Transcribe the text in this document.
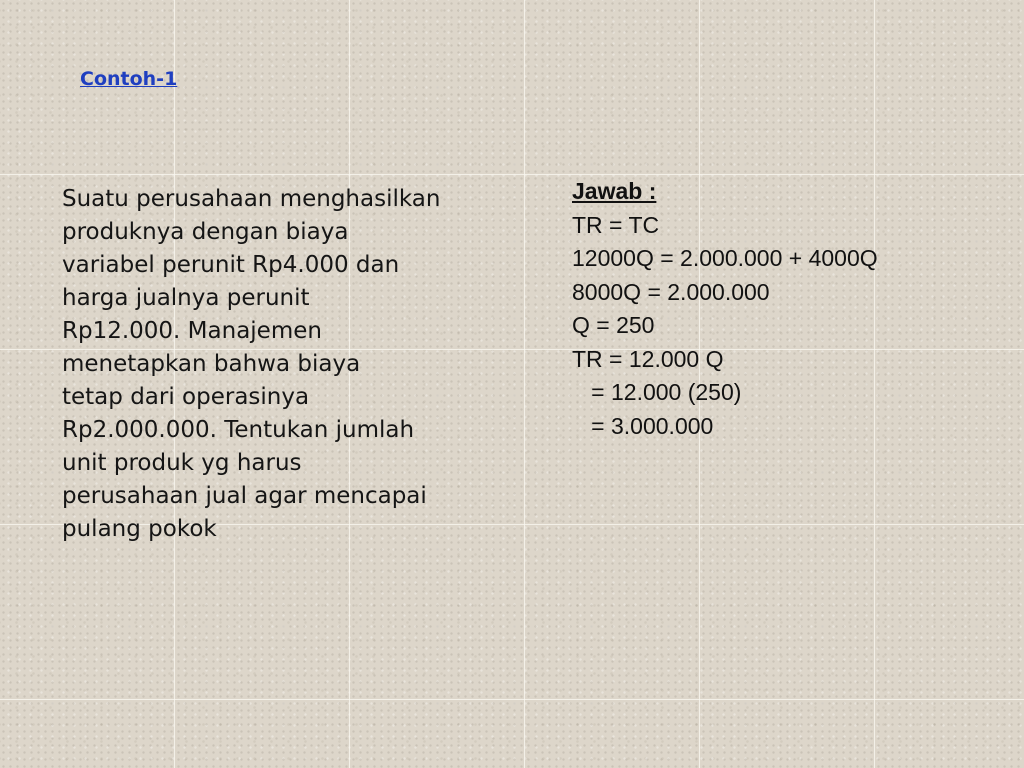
Contoh-1
Suatu perusahaan menghasilkan
produknya dengan biaya
variabel perunit Rp4.000 dan
harga jualnya perunit
Rp12.000. Manajemen
menetapkan bahwa biaya
tetap dari operasinya
Rp2.000.000. Tentukan jumlah
unit produk yg harus
perusahaan jual agar mencapai
pulang pokok
Jawab :
TR = TC
12000Q = 2.000.000 + 4000Q
8000Q = 2.000.000
Q = 250
TR = 12.000 Q
= 12.000 (250)
= 3.000.000
